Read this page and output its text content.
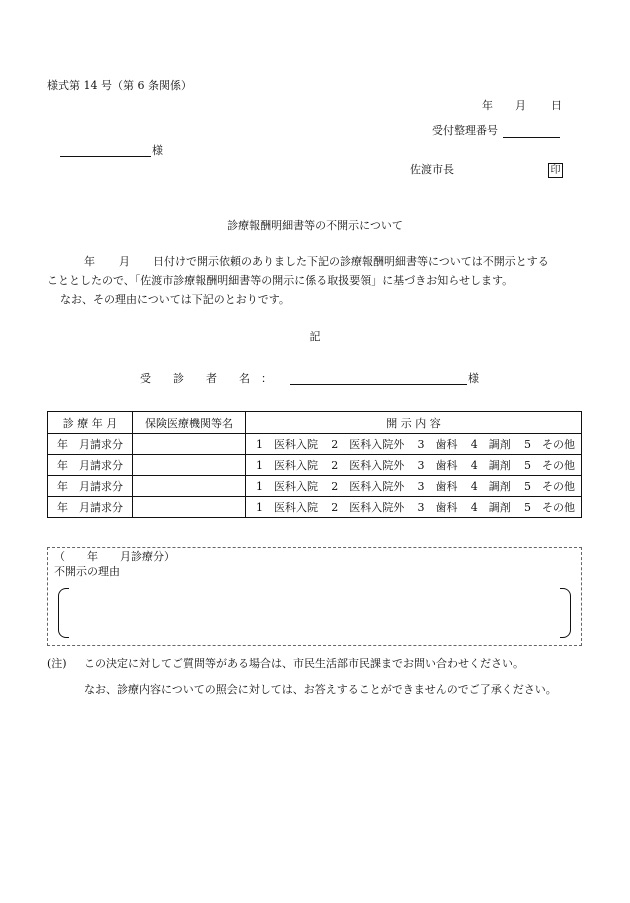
様式第 14 号（第 6 条関係）
年 月 日
受付整理番号
様
佐渡市長	印
診療報酬明細書等の不開示について
年 月 日付けで開示依頼のありました下記の診療報酬明細書等については不開示とする
こととしたので、「佐渡市診療報酬明細書等の開示に係る取扱要領」に基づきお知らせします。
なお、その理由については下記のとおりです。
記
受　　診　　者　　名　：	様
診 療 年 月	保険医療機関等名	開 示 内 容
年　月請求分		1　医科入院 2　医科入院外 3　歯科 4　調剤 5　その他

年　月請求分		1　医科入院 2　医科入院外 3　歯科 4　調剤 5　その他

年　月請求分		1　医科入院 2　医科入院外 3　歯科 4　調剤 5　その他

年　月請求分		1　医科入院 2　医科入院外 3　歯科 4　調剤 5　その他
（　　年　　月診療分）
不開示の理由
(注) この決定に対してご質問等がある場合は、市民生活部市民課までお問い合わせください。
なお、診療内容についての照会に対しては、お答えすることができませんのでご了承ください。
